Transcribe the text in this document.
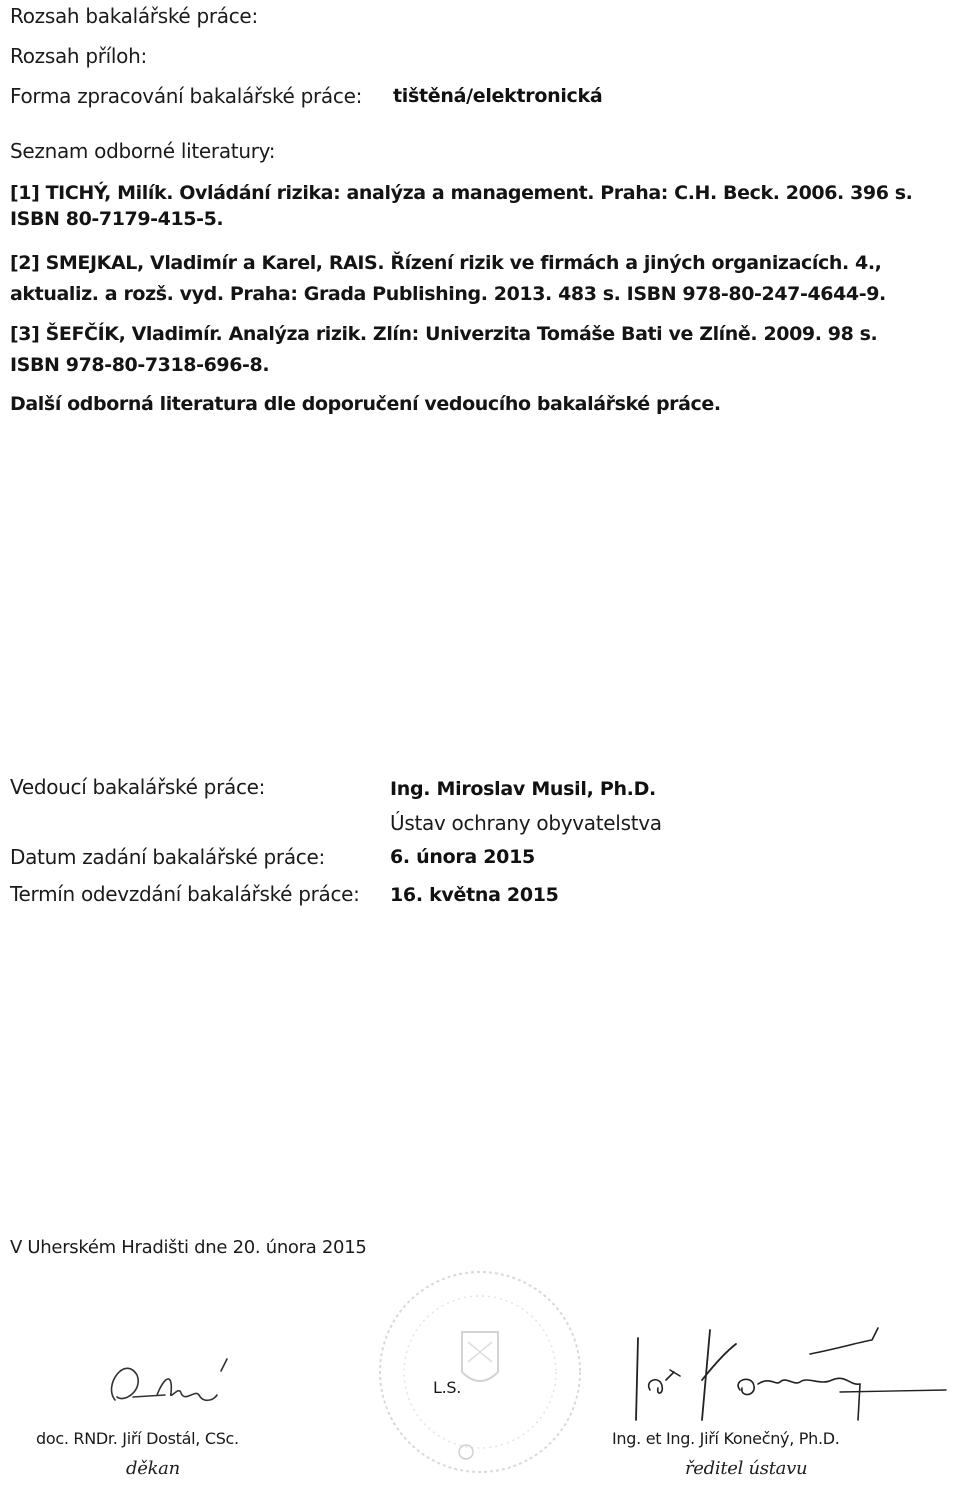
Rozsah bakalářské práce:
Rozsah příloh:
Forma zpracování bakalářské práce: tištěná/elektronická
Seznam odborné literatury:
[1] TICHÝ, Milík. Ovládání rizika: analýza a management. Praha: C.H. Beck. 2006. 396 s.
ISBN 80-7179-415-5.
[2] SMEJKAL, Vladimír a Karel, RAIS. Řízení rizik ve firmách a jiných organizacích. 4.,
aktualiz. a rozš. vyd. Praha: Grada Publishing. 2013. 483 s. ISBN 978-80-247-4644-9.
[3] ŠEFČÍK, Vladimír. Analýza rizik. Zlín: Univerzita Tomáše Bati ve Zlíně. 2009. 98 s.
ISBN 978-80-7318-696-8.
Další odborná literatura dle doporučení vedoucího bakalářské práce.
Vedoucí bakalářské práce:	Ing. Miroslav Musil, Ph.D.
Ústav ochrany obyvatelstva
Datum zadání bakalářské práce:	6. února 2015
Termín odevzdání bakalářské práce: 16. května 2015
V Uherském Hradišti dne 20. února 2015
L.S.
doc. RNDr. Jiří Dostál, CSc.
děkan
Ing. et Ing. Jiří Konečný, Ph.D.
ředitel ústavu
